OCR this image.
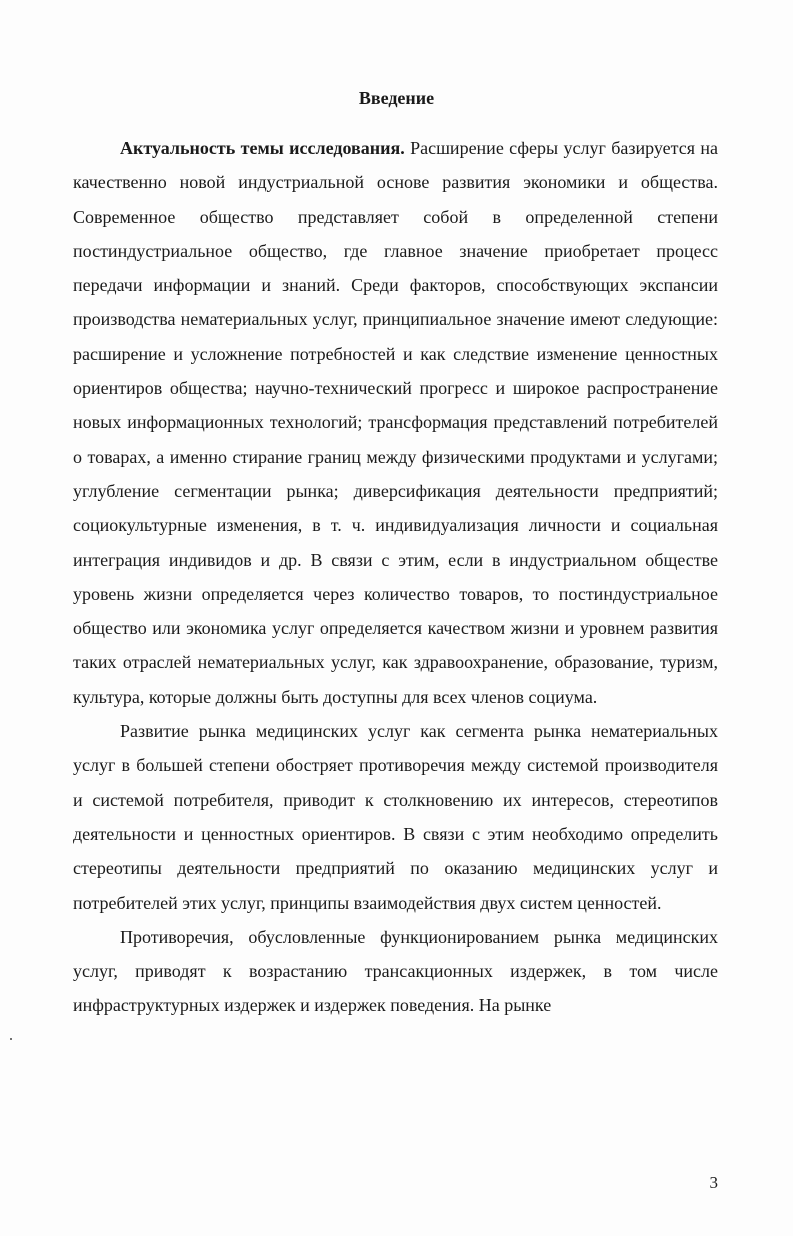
Введение

Актуальность темы исследования. Расширение сферы услуг базируется на качественно новой индустриальной основе развития экономики и общества. Современное общество представляет собой в определенной степени постиндустриальное общество, где главное значение приобретает процесс передачи информации и знаний. Среди факторов, способствующих экспансии производства нематериальных услуг, принципиальное значение имеют следующие: расширение и усложнение потребностей и как следствие изменение ценностных ориентиров общества; научно-технический прогресс и широкое распространение новых информационных технологий; трансформация представлений потребителей о товарах, а именно стирание границ между физическими продуктами и услугами; углубление сегментации рынка; диверсификация деятельности предприятий; социокультурные изменения, в т. ч. индивидуализация личности и социальная интеграция индивидов и др. В связи с этим, если в индустриальном обществе уровень жизни определяется через количество товаров, то постиндустриальное общество или экономика услуг определяется качеством жизни и уровнем развития таких отраслей нематериальных услуг, как здравоохранение, образование, туризм, культура, которые должны быть доступны для всех членов социума.

Развитие рынка медицинских услуг как сегмента рынка нематериальных услуг в большей степени обостряет противоречия между системой производителя и системой потребителя, приводит к столкновению их интересов, стереотипов деятельности и ценностных ориентиров. В связи с этим необходимо определить стереотипы деятельности предприятий по оказанию медицинских услуг и потребителей этих услуг, принципы взаимодействия двух систем ценностей.

Противоречия, обусловленные функционированием рынка медицинских услуг, приводят к возрастанию трансакционных издержек, в том числе инфраструктурных издержек и издержек поведения. На рынке

3
